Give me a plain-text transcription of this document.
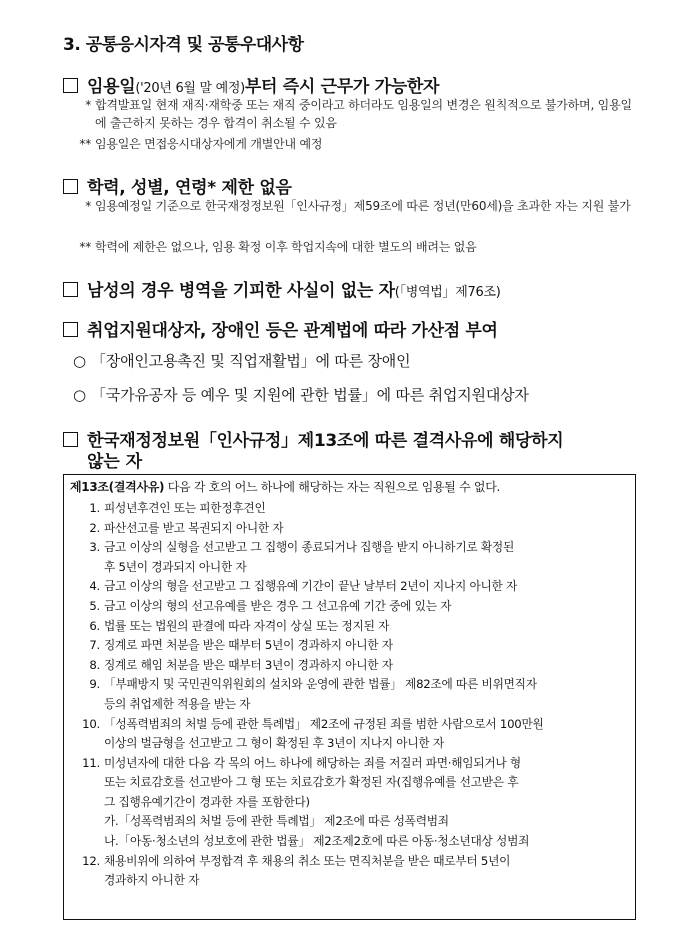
3. 공통응시자격 및 공통우대사항
임용일('20년 6월 말 예정)부터 즉시 근무가 가능한자
* 합격발표일 현재 재직·재학중 또는 재직 중이라고 하더라도 임용일의 변경은 원칙적으로 불가하며, 임용일에 출근하지 못하는 경우 합격이 취소될 수 있음
** 임용일은 면접응시대상자에게 개별안내 예정
학력, 성별, 연령* 제한 없음
* 임용예정일 기준으로 한국재정정보원「인사규정」제59조에 따른 정년(만60세)을 초과한 자는 지원 불가
** 학력에 제한은 없으나, 임용 확정 이후 학업지속에 대한 별도의 배려는 없음
남성의 경우 병역을 기피한 사실이 없는 자(「병역법」제76조)
취업지원대상자, 장애인 등은 관계법에 따라 가산점 부여
○ 「장애인고용촉진 및 직업재활법」에 따른 장애인
○ 「국가유공자 등 예우 및 지원에 관한 법률」에 따른 취업지원대상자
한국재정정보원「인사규정」제13조에 따른 결격사유에 해당하지
않는 자
제13조(결격사유) 다음 각 호의 어느 하나에 해당하는 자는 직원으로 임용될 수 없다.
1. 피성년후견인 또는 피한정후견인
2. 파산선고를 받고 복권되지 아니한 자
3. 금고 이상의 실형을 선고받고 그 집행이 종료되거나 집행을 받지 아니하기로 확정된
후 5년이 경과되지 아니한 자
4. 금고 이상의 형을 선고받고 그 집행유예 기간이 끝난 날부터 2년이 지나지 아니한 자
5. 금고 이상의 형의 선고유예를 받은 경우 그 선고유예 기간 중에 있는 자
6. 법률 또는 법원의 판결에 따라 자격이 상실 또는 정지된 자
7. 징계로 파면 처분을 받은 때부터 5년이 경과하지 아니한 자
8. 징계로 해임 처분을 받은 때부터 3년이 경과하지 아니한 자
9. 「부패방지 및 국민권익위원회의 설치와 운영에 관한 법률」 제82조에 따른 비위면직자
등의 취업제한 적용을 받는 자
10. 「성폭력범죄의 처벌 등에 관한 특례법」 제2조에 규정된 죄를 범한 사람으로서 100만원
이상의 벌금형을 선고받고 그 형이 확정된 후 3년이 지나지 아니한 자
11. 미성년자에 대한 다음 각 목의 어느 하나에 해당하는 죄를 저질러 파면·해임되거나 형
또는 치료감호를 선고받아 그 형 또는 치료감호가 확정된 자(집행유예를 선고받은 후
그 집행유예기간이 경과한 자를 포함한다)
가.「성폭력범죄의 처벌 등에 관한 특례법」 제2조에 따른 성폭력범죄
나.「아동·청소년의 성보호에 관한 법률」 제2조제2호에 따른 아동·청소년대상 성범죄
12. 채용비위에 의하여 부정합격 후 채용의 취소 또는 면직처분을 받은 때로부터 5년이
경과하지 아니한 자
